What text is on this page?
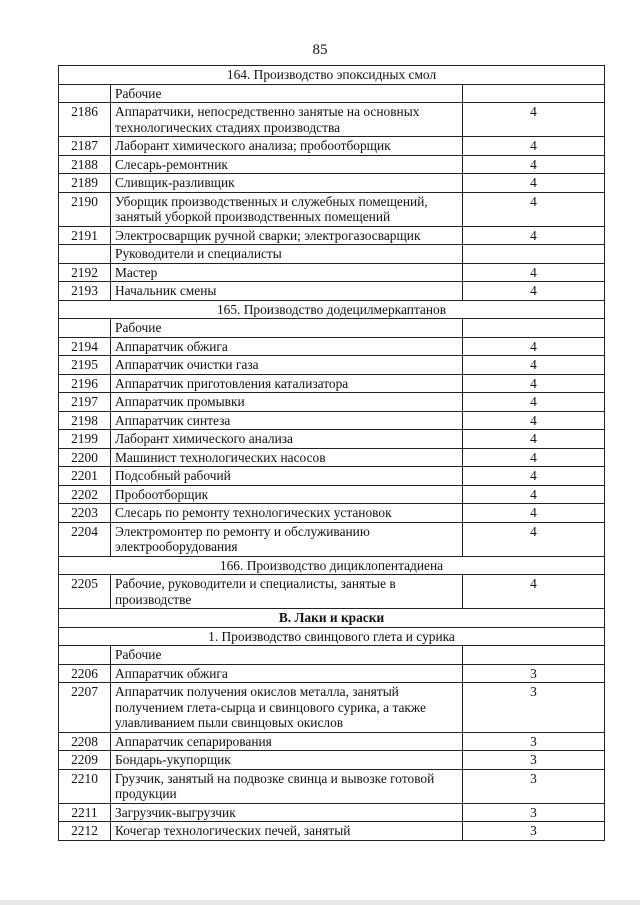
85
164. Производство эпоксидных смол		
	Рабочие	
2186	Аппаратчики, непосредственно занятые на основных технологических стадиях производства	4
2187	Лаборант химического анализа; пробоотборщик	4
2188	Слесарь-ремонтник	4
2189	Сливщик-разливщик	4
2190	Уборщик производственных и служебных помещений, занятый уборкой производственных помещений	4
2191	Электросварщик ручной сварки; электрогазосварщик	4
	Руководители и специалисты	
2192	Мастер	4
2193	Начальник смены	4
165. Производство додецилмеркаптанов		
	Рабочие	
2194	Аппаратчик обжига	4
2195	Аппаратчик очистки газа	4
2196	Аппаратчик приготовления катализатора	4
2197	Аппаратчик промывки	4
2198	Аппаратчик синтеза	4
2199	Лаборант химического анализа	4
2200	Машинист технологических насосов	4
2201	Подсобный рабочий	4
2202	Пробоотборщик	4
2203	Слесарь по ремонту технологических установок	4
2204	Электромонтер по ремонту и обслуживанию электрооборудования	4
166. Производство дициклопентадиена		
2205	Рабочие, руководители и специалисты, занятые в производстве	4
В. Лаки и краски		
1. Производство свинцового глета и сурика		
	Рабочие	
2206	Аппаратчик обжига	3
2207	Аппаратчик получения окислов металла, занятый получением глета-сырца и свинцового сурика, а также улавливанием пыли свинцовых окислов	3
2208	Аппаратчик сепарирования	3
2209	Бондарь-укупорщик	3
2210	Грузчик, занятый на подвозке свинца и вывозке готовой продукции	3
2211	Загрузчик-выгрузчик	3
2212	Кочегар технологических печей, занятый	3
